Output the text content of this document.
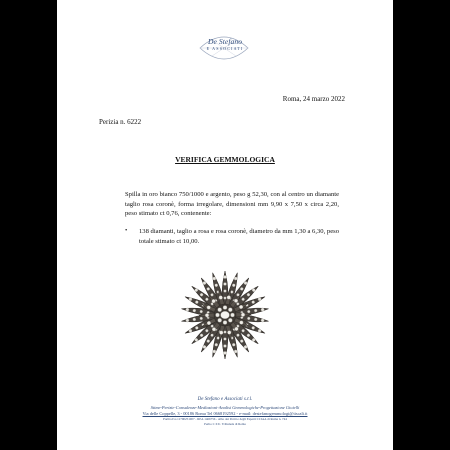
De Stefano
E ASSOCIATI
Roma, 24 marzo 2022
Perizia n. 6222
VERIFICA GEMMOLOGICA
Spilla in oro bianco 750/1000 e argento, peso g 52,30, con al centro un diamante taglio rosa coronè, forma irregolare, dimensioni mm 9,90 x 7,50 x circa 2,20, peso stimato ct 0,76, contenente:
• 138 diamanti, taglio a rosa e rosa coronè, diametro da mm 1,30 a 6,30, peso totale stimato ct 10,00.
De Stefano e Associati s.r.l.
Stime-Perizie-Consulenze-Mediazioni-Analisi Gemmologiche-Progettazione Gioielli
Via delle Coppelle, 3 - 00186 Roma Tel 0668192592 - e-mail: destefanogemmologi@tiscali.it
Partita Iva 11790251007 - REA 1466756 - Albo dei Periti e degli Esperti CCIAA di Roma n. 744
Perito C.T.U. Tribunale di Roma
